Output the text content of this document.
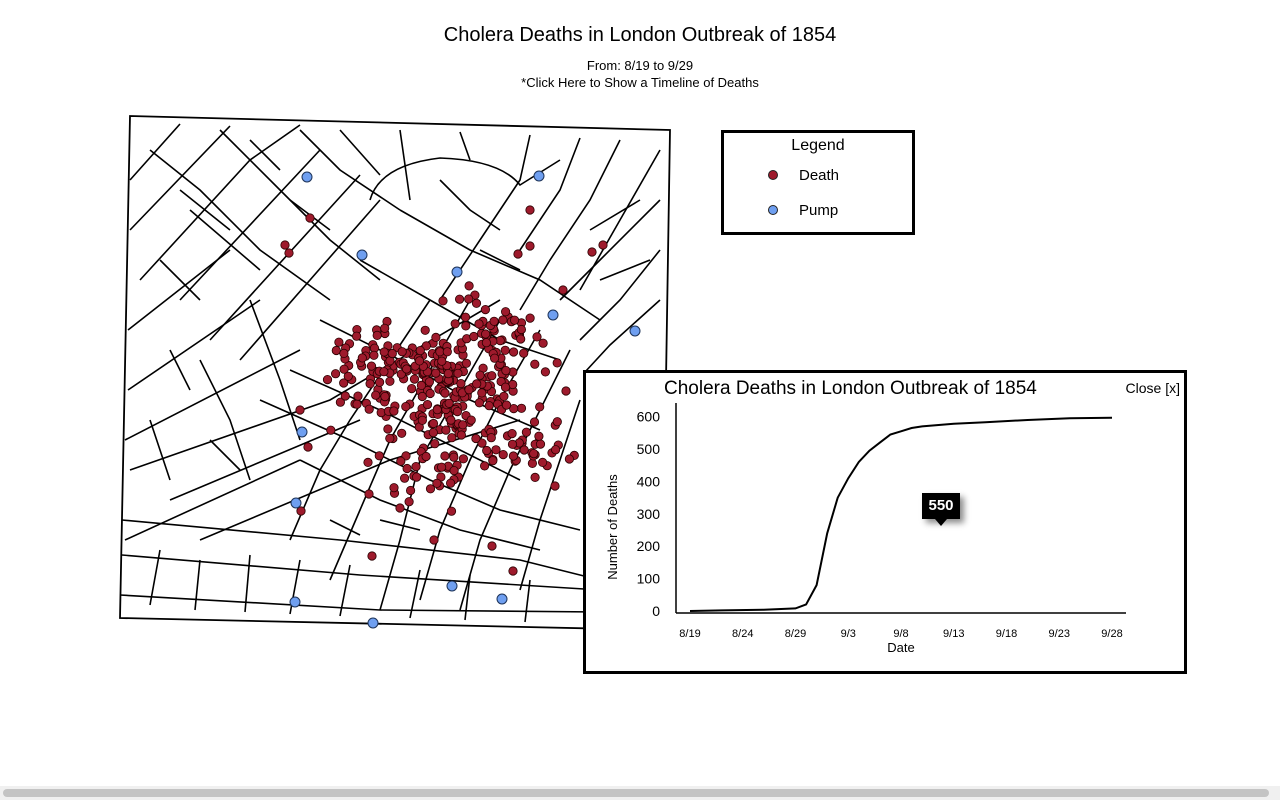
Cholera Deaths in London Outbreak of 1854
From: 8/19 to 9/29
*Click Here to Show a Timeline of Deaths
Legend
Death
Pump
0
100
200
300
400
500
600
8/19	8/24	8/29	9/3	9/8	9/13	9/18	9/23	9/28
Date
Number of Deaths
Cholera Deaths in London Outbreak of 1854	Close [x]
550
